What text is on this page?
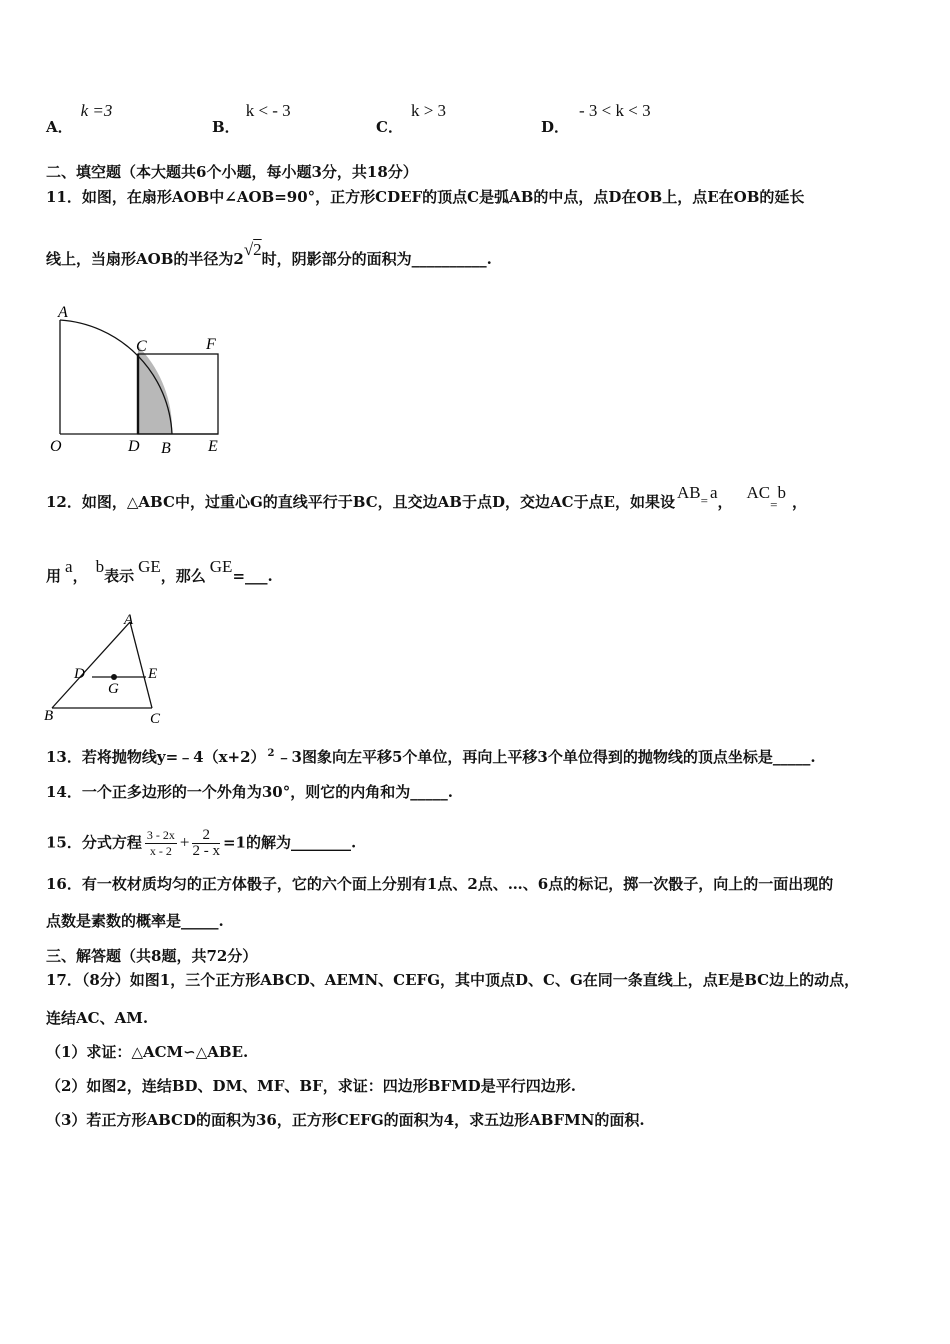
A．k =3
B．k < - 3
C．k > 3
D．- 3 < k < 3
二、填空题（本大题共6个小题，每小题3分，共18分）
11．如图，在扇形AOB中∠AOB=90°，正方形CDEF的顶点C是弧AB的中点，点D在OB上，点E在OB的延长
线上，当扇形AOB的半径为2√2时，阴影部分的面积为__________.
A
C	F
O	D B E
12．如图，△ABC中，过重心G的直线平行于BC，且交边AB于点D，交边AC于点E，如果设 AB= a， AC=b ，
用 a， b表示 GE，那么 GE=___.
A
D	E
G
B	C
13．若将抛物线y=﹣4（x+2） $^2$ ﹣3图象向左平移5个单位，再向上平移3个单位得到的抛物线的顶点坐标是_____.
14．一个正多边形的一个外角为30°，则它的内角和为_____.
15．分式方程 $\frac{3 - 2x}{x - 2} + \frac{2}{2 - x} =1$的解为________.
16．有一枚材质均匀的正方体骰子，它的六个面上分别有1点、2点、…、6点的标记，掷一次骰子，向上的一面出现的
点数是素数的概率是_____.
三、解答题（共8题，共72分）
17．（8分）如图1，三个正方形ABCD、AEMN、CEFG，其中顶点D、C、G在同一条直线上，点E是BC边上的动点，
连结AC、AM.
（1）求证：△ACM∽△ABE.
（2）如图2，连结BD、DM、MF、BF，求证：四边形BFMD是平行四边形.
（3）若正方形ABCD的面积为36，正方形CEFG的面积为4，求五边形ABFMN的面积.
